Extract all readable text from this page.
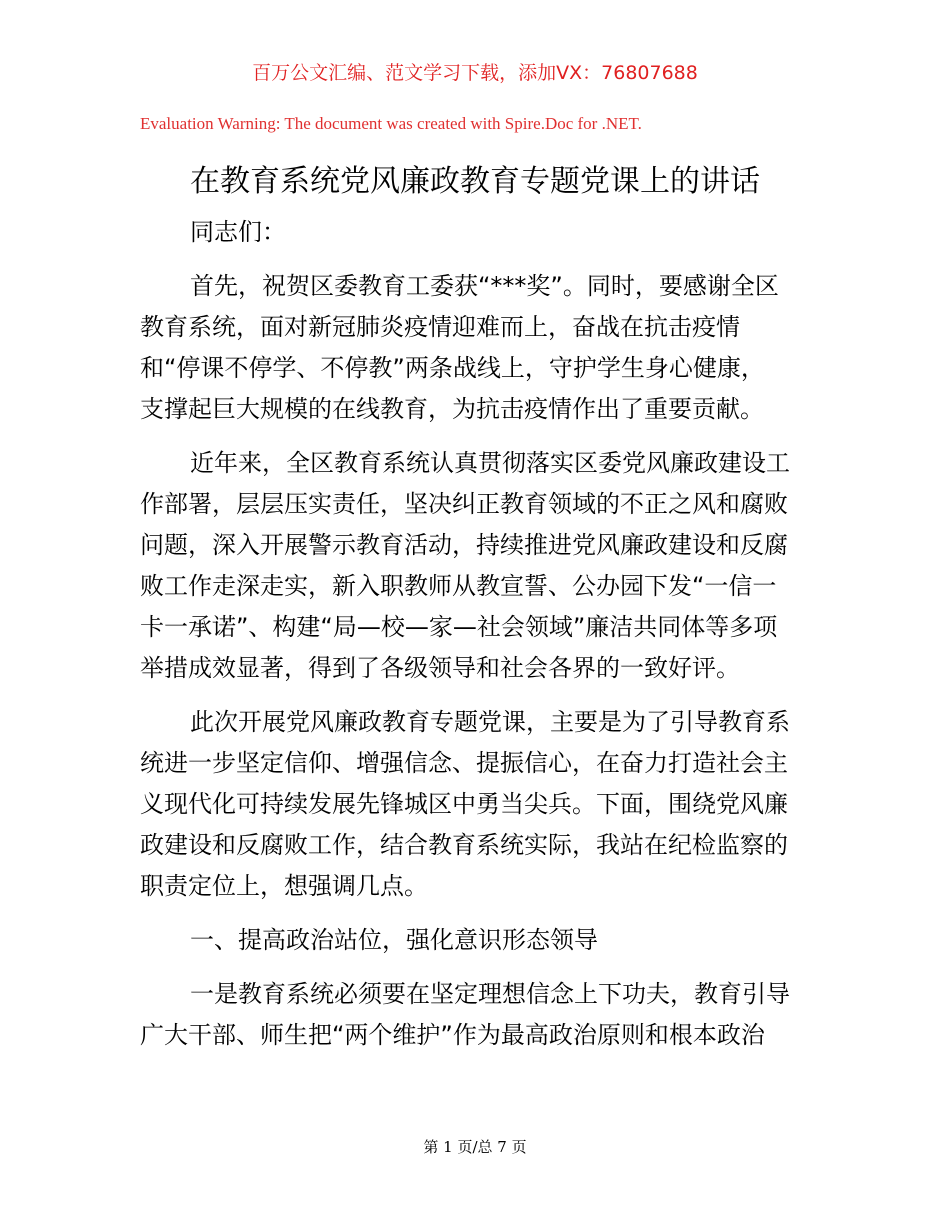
百万公文汇编、范文学习下载，添加VX：76807688
Evaluation Warning: The document was created with Spire.Doc for .NET.
在教育系统党风廉政教育专题党课上的讲话
同志们：
首先，祝贺区委教育工委获“***奖”。同时，要感谢全区
教育系统，面对新冠肺炎疫情迎难而上，奋战在抗击疫情
和“停课不停学、不停教”两条战线上，守护学生身心健康，
支撑起巨大规模的在线教育，为抗击疫情作出了重要贡献。
近年来，全区教育系统认真贯彻落实区委党风廉政建设工
作部署，层层压实责任，坚决纠正教育领域的不正之风和腐败
问题，深入开展警示教育活动，持续推进党风廉政建设和反腐
败工作走深走实，新入职教师从教宣誓、公办园下发“一信一
卡一承诺”、构建“局—校—家—社会领域”廉洁共同体等多项
举措成效显著，得到了各级领导和社会各界的一致好评。
此次开展党风廉政教育专题党课，主要是为了引导教育系
统进一步坚定信仰、增强信念、提振信心，在奋力打造社会主
义现代化可持续发展先锋城区中勇当尖兵。下面，围绕党风廉
政建设和反腐败工作，结合教育系统实际，我站在纪检监察的
职责定位上，想强调几点。
一、提高政治站位，强化意识形态领导
一是教育系统必须要在坚定理想信念上下功夫，教育引导
广大干部、师生把“两个维护”作为最高政治原则和根本政治
第 1 页/总 7 页
